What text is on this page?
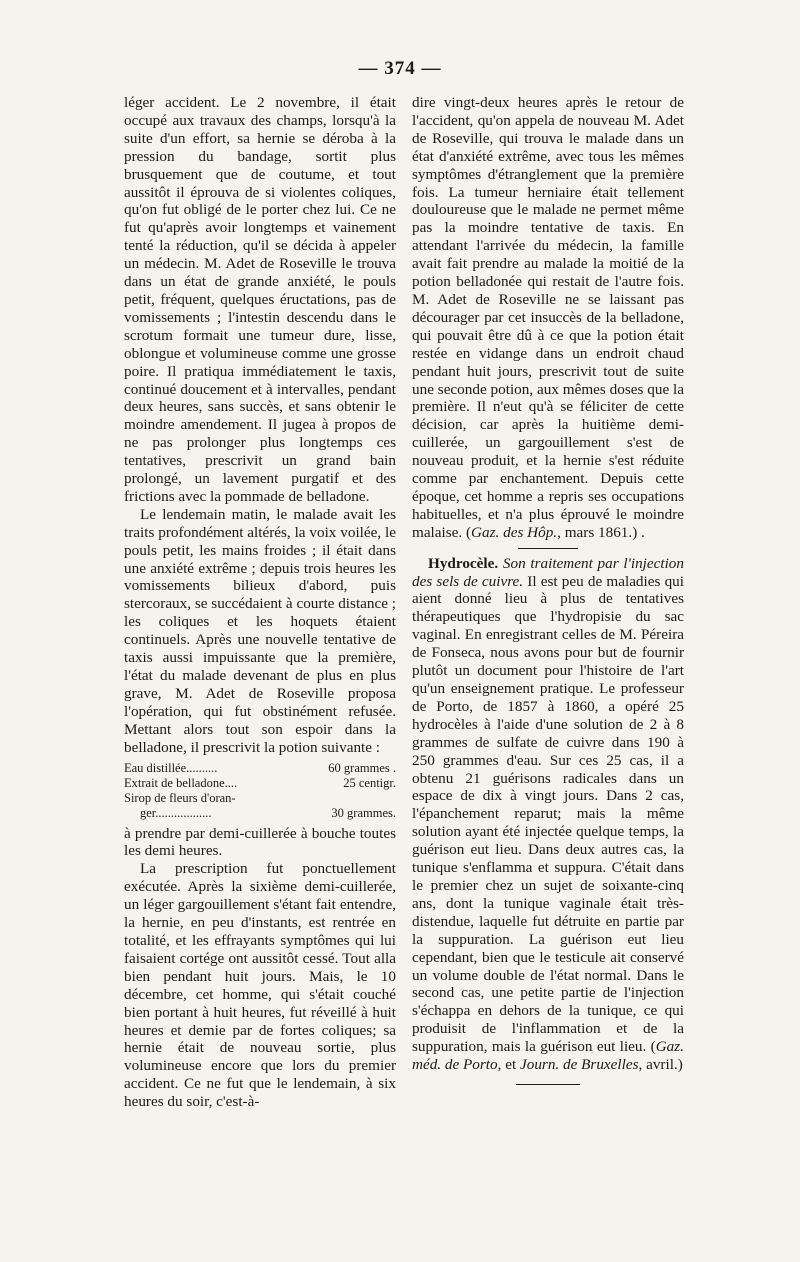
— 374 —

léger accident. Le 2 novembre, il était occupé aux travaux des champs, lorsqu'à la suite d'un effort, sa hernie se déroba à la pression du bandage, sortit plus brusquement que de coutume, et tout aussitôt il éprouva de si violentes coliques, qu'on fut obligé de le porter chez lui. Ce ne fut qu'après avoir longtemps et vainement tenté la réduction, qu'il se décida à appeler un médecin. M. Adet de Roseville le trouva dans un état de grande anxiété, le pouls petit, fréquent, quelques éructations, pas de vomissements ; l'intestin descendu dans le scrotum formait une tumeur dure, lisse, oblongue et volumineuse comme une grosse poire. Il pratiqua immédiatement le taxis, continué doucement et à intervalles, pendant deux heures, sans succès, et sans obtenir le moindre amendement. Il jugea à propos de ne pas prolonger plus longtemps ces tentatives, prescrivit un grand bain prolongé, un lavement purgatif et des frictions avec la pommade de belladone.

Le lendemain matin, le malade avait les traits profondément altérés, la voix voilée, le pouls petit, les mains froides ; il était dans une anxiété extrême ; depuis trois heures les vomissements bilieux d'abord, puis stercoraux, se succédaient à courte distance ; les coliques et les hoquets étaient continuels. Après une nouvelle tentative de taxis aussi impuissante que la première, l'état du malade devenant de plus en plus grave, M. Adet de Roseville proposa l'opération, qui fut obstinément refusée. Mettant alors tout son espoir dans la belladone, il prescrivit la potion suivante :

Eau distillée..........	60 grammes .
Extrait de belladone....	25 centigr.
Sirop de fleurs d'oran-
ger..................	30 grammes.

à prendre par demi-cuillerée à bouche toutes les demi heures.

La prescription fut ponctuellement exécutée. Après la sixième demi-cuillerée, un léger gargouillement s'étant fait entendre, la hernie, en peu d'instants, est rentrée en totalité, et les effrayants symptômes qui lui faisaient cortége ont aussitôt cessé. Tout alla bien pendant huit jours. Mais, le 10 décembre, cet homme, qui s'était couché bien portant à huit heures, fut réveillé à huit heures et demie par de fortes coliques; sa hernie était de nouveau sortie, plus volumineuse encore que lors du premier accident. Ce ne fut que le lendemain, à six heures du soir, c'est-à-

dire vingt-deux heures après le retour de l'accident, qu'on appela de nouveau M. Adet de Roseville, qui trouva le malade dans un état d'anxiété extrême, avec tous les mêmes symptômes d'étranglement que la première fois. La tumeur herniaire était tellement douloureuse que le malade ne permet même pas la moindre tentative de taxis. En attendant l'arrivée du médecin, la famille avait fait prendre au malade la moitié de la potion belladonée qui restait de l'autre fois. M. Adet de Roseville ne se laissant pas décourager par cet insuccès de la belladone, qui pouvait être dû à ce que la potion était restée en vidange dans un endroit chaud pendant huit jours, prescrivit tout de suite une seconde potion, aux mêmes doses que la première. Il n'eut qu'à se féliciter de cette décision, car après la huitième demi-cuillerée, un gargouillement s'est de nouveau produit, et la hernie s'est réduite comme par enchantement. Depuis cette époque, cet homme a repris ses occupations habituelles, et n'a plus éprouvé le moindre malaise. (Gaz. des Hôp., mars 1861.) .

Hydrocèle. Son traitement par l'injection des sels de cuivre. Il est peu de maladies qui aient donné lieu à plus de tentatives thérapeutiques que l'hydropisie du sac vaginal. En enregistrant celles de M. Péreira de Fonseca, nous avons pour but de fournir plutôt un document pour l'histoire de l'art qu'un enseignement pratique. Le professeur de Porto, de 1857 à 1860, a opéré 25 hydrocèles à l'aide d'une solution de 2 à 8 grammes de sulfate de cuivre dans 190 à 250 grammes d'eau. Sur ces 25 cas, il a obtenu 21 guérisons radicales dans un espace de dix à vingt jours. Dans 2 cas, l'épanchement reparut; mais la même solution ayant été injectée quelque temps, la guérison eut lieu. Dans deux autres cas, la tunique s'enflamma et suppura. C'était dans le premier chez un sujet de soixante-cinq ans, dont la tunique vaginale était très-distendue, laquelle fut détruite en partie par la suppuration. La guérison eut lieu cependant, bien que le testicule ait conservé un volume double de l'état normal. Dans le second cas, une petite partie de l'injection s'échappa en dehors de la tunique, ce qui produisit de l'inflammation et de la suppuration, mais la guérison eut lieu. (Gaz. méd. de Porto, et Journ. de Bruxelles, avril.)
